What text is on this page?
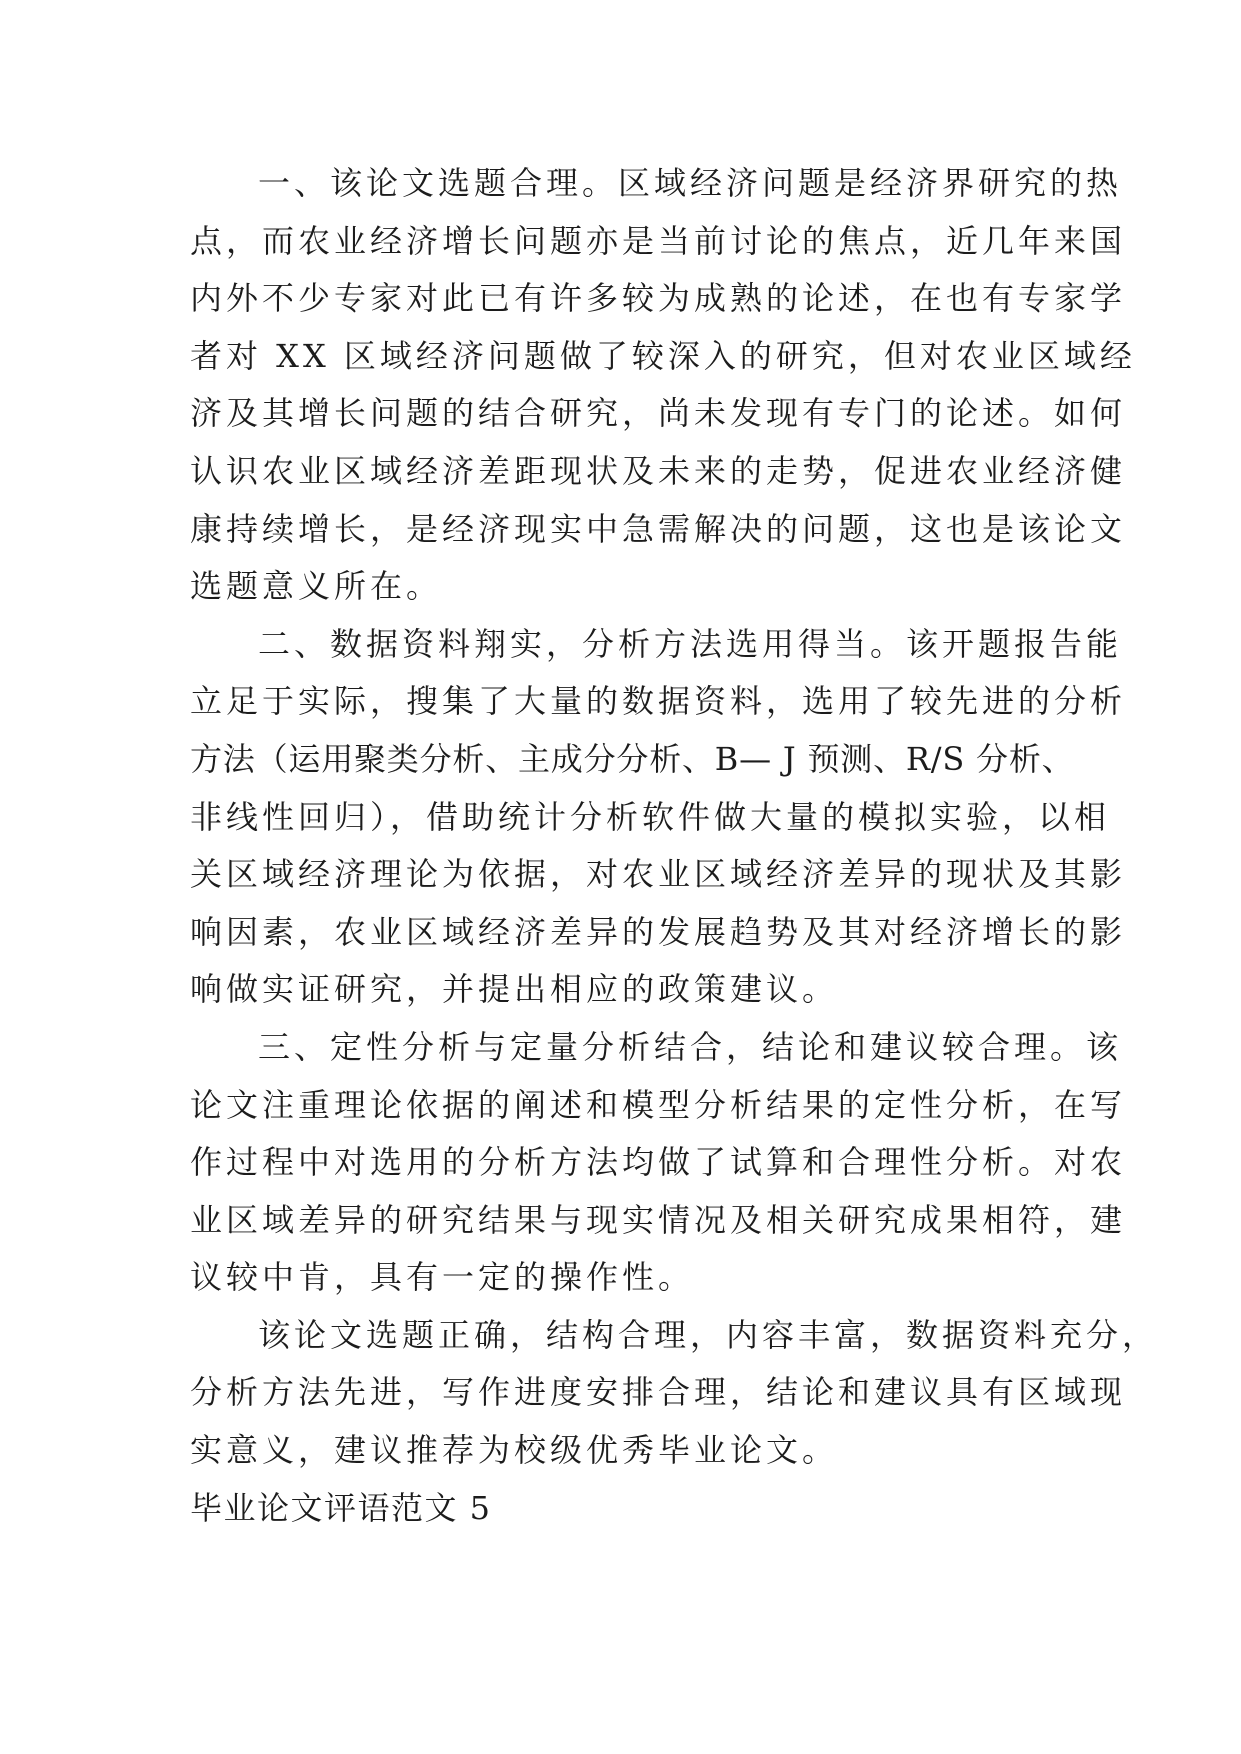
一、该论文选题合理。区域经济问题是经济界研究的热
点，而农业经济增长问题亦是当前讨论的焦点，近几年来国
内外不少专家对此已有许多较为成熟的论述，在也有专家学
者对 XX 区域经济问题做了较深入的研究，但对农业区域经
济及其增长问题的结合研究，尚未发现有专门的论述。如何
认识农业区域经济差距现状及未来的走势，促进农业经济健
康持续增长，是经济现实中急需解决的问题，这也是该论文
选题意义所在。
二、数据资料翔实，分析方法选用得当。该开题报告能
立足于实际，搜集了大量的数据资料，选用了较先进的分析
方法（运用聚类分析、主成分分析、B— J 预测、R/S 分析、
非线性回归），借助统计分析软件做大量的模拟实验，以相
关区域经济理论为依据，对农业区域经济差异的现状及其影
响因素，农业区域经济差异的发展趋势及其对经济增长的影
响做实证研究，并提出相应的政策建议。
三、定性分析与定量分析结合，结论和建议较合理。该
论文注重理论依据的阐述和模型分析结果的定性分析，在写
作过程中对选用的分析方法均做了试算和合理性分析。对农
业区域差异的研究结果与现实情况及相关研究成果相符，建
议较中肯，具有一定的操作性。
该论文选题正确，结构合理，内容丰富，数据资料充分，
分析方法先进，写作进度安排合理，结论和建议具有区域现
实意义，建议推荐为校级优秀毕业论文。
毕业论文评语范文 5
